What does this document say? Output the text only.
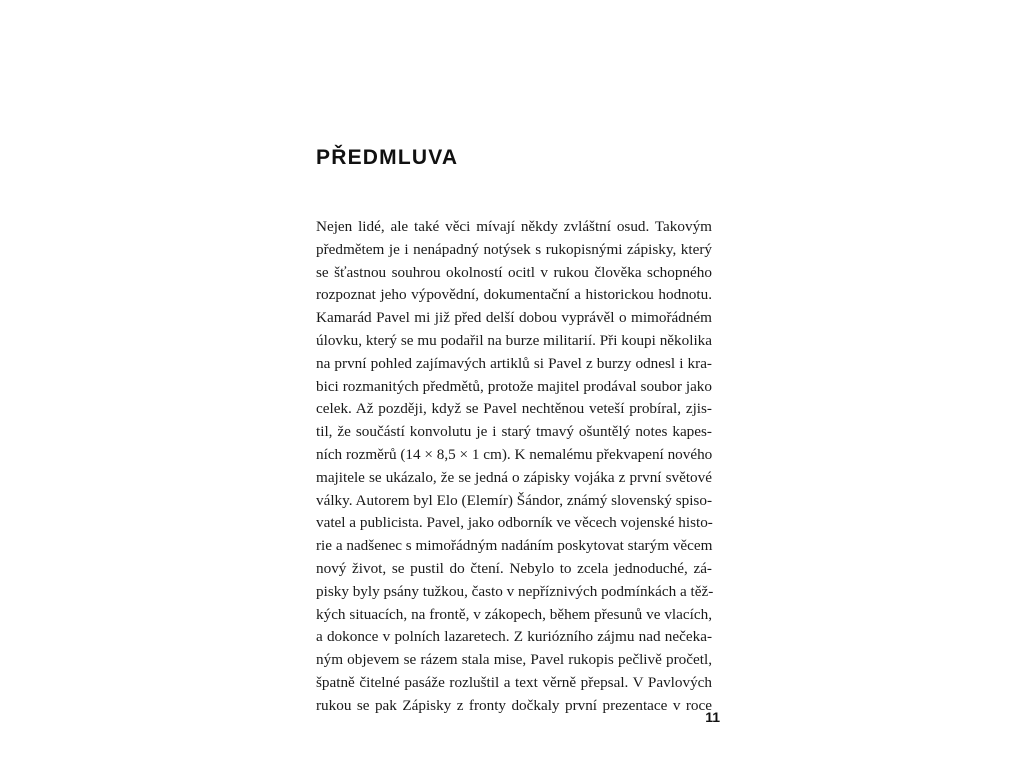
PŘEDMLUVA
Nejen lidé, ale také věci mívají někdy zvláštní osud. Takovým
předmětem je i nenápadný notýsek s rukopisnými zápisky, který
se šťastnou souhrou okolností ocitl v rukou člověka schopného
rozpoznat jeho výpovědní, dokumentační a historickou hodnotu.
Kamarád Pavel mi již před delší dobou vyprávěl o mimořádném
úlovku, který se mu podařil na burze militarií. Při koupi několika
na první pohled zajímavých artiklů si Pavel z burzy odnesl i kra-
bici rozmanitých předmětů, protože majitel prodával soubor jako
celek. Až později, když se Pavel nechtěnou veteší probíral, zjis-
til, že součástí konvolutu je i starý tmavý ošuntělý notes kapes-
ních rozměrů (14 × 8,5 × 1 cm). K nemalému překvapení nového
majitele se ukázalo, že se jedná o zápisky vojáka z první světové
války. Autorem byl Elo (Elemír) Šándor, známý slovenský spiso-
vatel a publicista. Pavel, jako odborník ve věcech vojenské histo-
rie a nadšenec s mimořádným nadáním poskytovat starým věcem
nový život, se pustil do čtení. Nebylo to zcela jednoduché, zá-
pisky byly psány tužkou, často v nepříznivých podmínkách a těž-
kých situacích, na frontě, v zákopech, během přesunů ve vlacích,
a dokonce v polních lazaretech. Z kuriózního zájmu nad nečeka-
ným objevem se rázem stala mise, Pavel rukopis pečlivě pročetl,
špatně čitelné pasáže rozluštil a text věrně přepsal. V Pavlových
rukou se pak Zápisky z fronty dočkaly první prezentace v roce
11
